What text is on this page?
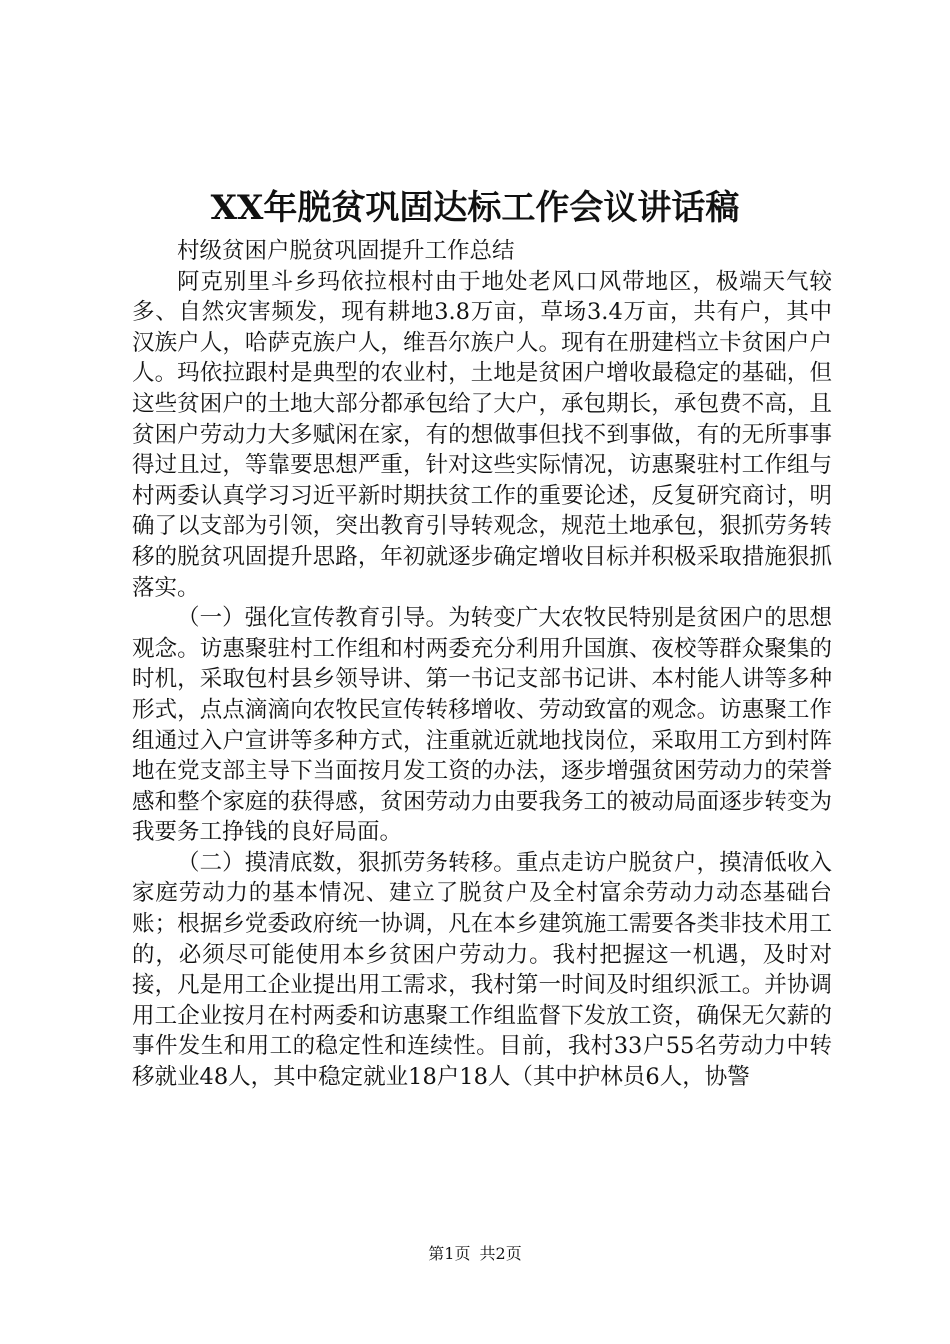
XX年脱贫巩固达标工作会议讲话稿

村级贫困户脱贫巩固提升工作总结

阿克别里斗乡玛依拉根村由于地处老风口风带地区，极端天气较多、自然灾害频发，现有耕地3.8万亩，草场3.4万亩，共有户，其中汉族户人，哈萨克族户人，维吾尔族户人。现有在册建档立卡贫困户户人。玛依拉跟村是典型的农业村，土地是贫困户增收最稳定的基础，但这些贫困户的土地大部分都承包给了大户，承包期长，承包费不高，且贫困户劳动力大多赋闲在家，有的想做事但找不到事做，有的无所事事得过且过，等靠要思想严重，针对这些实际情况，访惠聚驻村工作组与村两委认真学习习近平新时期扶贫工作的重要论述，反复研究商讨，明确了以支部为引领，突出教育引导转观念，规范土地承包，狠抓劳务转移的脱贫巩固提升思路，年初就逐步确定增收目标并积极采取措施狠抓落实。

（一）强化宣传教育引导。为转变广大农牧民特别是贫困户的思想观念。访惠聚驻村工作组和村两委充分利用升国旗、夜校等群众聚集的时机，采取包村县乡领导讲、第一书记支部书记讲、本村能人讲等多种形式，点点滴滴向农牧民宣传转移增收、劳动致富的观念。访惠聚工作组通过入户宣讲等多种方式，注重就近就地找岗位，采取用工方到村阵地在党支部主导下当面按月发工资的办法，逐步增强贫困劳动力的荣誉感和整个家庭的获得感，贫困劳动力由要我务工的被动局面逐步转变为我要务工挣钱的良好局面。

（二）摸清底数，狠抓劳务转移。重点走访户脱贫户，摸清低收入家庭劳动力的基本情况、建立了脱贫户及全村富余劳动力动态基础台账；根据乡党委政府统一协调，凡在本乡建筑施工需要各类非技术用工的，必须尽可能使用本乡贫困户劳动力。我村把握这一机遇，及时对接，凡是用工企业提出用工需求，我村第一时间及时组织派工。并协调用工企业按月在村两委和访惠聚工作组监督下发放工资，确保无欠薪的事件发生和用工的稳定性和连续性。目前，我村33户55名劳动力中转移就业48人，其中稳定就业18户18人（其中护林员6人，协警

第1页 共2页
